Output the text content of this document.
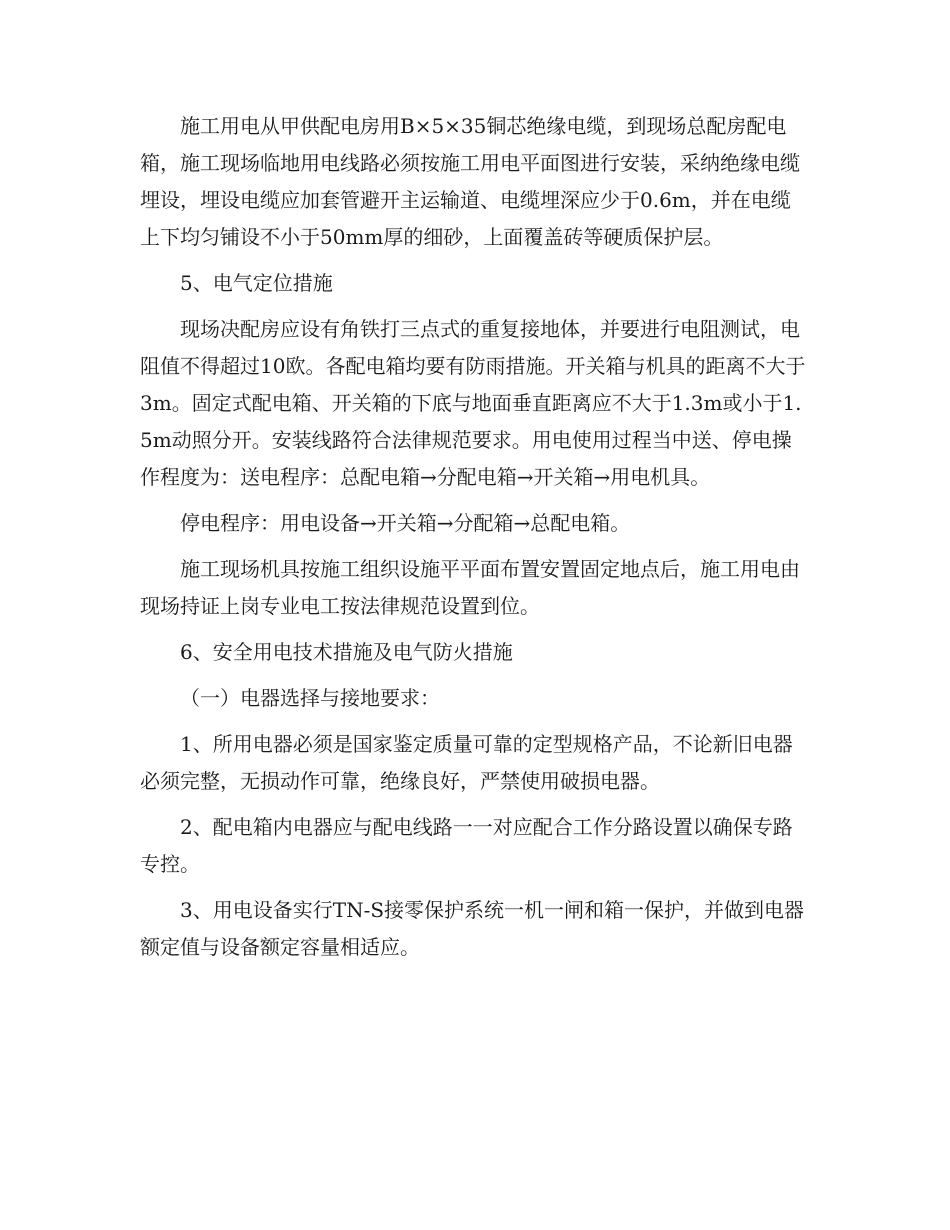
施工用电从甲供配电房用B×5×35铜芯绝缘电缆，到现场总配房配电箱，施工现场临地用电线路必须按施工用电平面图进行安装，采纳绝缘电缆埋设，埋设电缆应加套管避开主运输道、电缆埋深应少于0.6m，并在电缆上下均匀铺设不小于50mm厚的细砂，上面覆盖砖等硬质保护层。

5、电气定位措施

现场决配房应设有角铁打三点式的重复接地体，并要进行电阻测试，电阻值不得超过10欧。各配电箱均要有防雨措施。开关箱与机具的距离不大于3m。固定式配电箱、开关箱的下底与地面垂直距离应不大于1.3m或小于1.5m动照分开。安装线路符合法律规范要求。用电使用过程当中送、停电操作程度为：送电程序：总配电箱→分配电箱→开关箱→用电机具。

停电程序：用电设备→开关箱→分配箱→总配电箱。

施工现场机具按施工组织设施平平面布置安置固定地点后，施工用电由现场持证上岗专业电工按法律规范设置到位。

6、安全用电技术措施及电气防火措施

（一）电器选择与接地要求：

1、所用电器必须是国家鉴定质量可靠的定型规格产品，不论新旧电器必须完整，无损动作可靠，绝缘良好，严禁使用破损电器。

2、配电箱内电器应与配电线路一一对应配合工作分路设置以确保专路专控。

3、用电设备实行TN-S接零保护系统一机一闸和箱一保护，并做到电器额定值与设备额定容量相适应。
